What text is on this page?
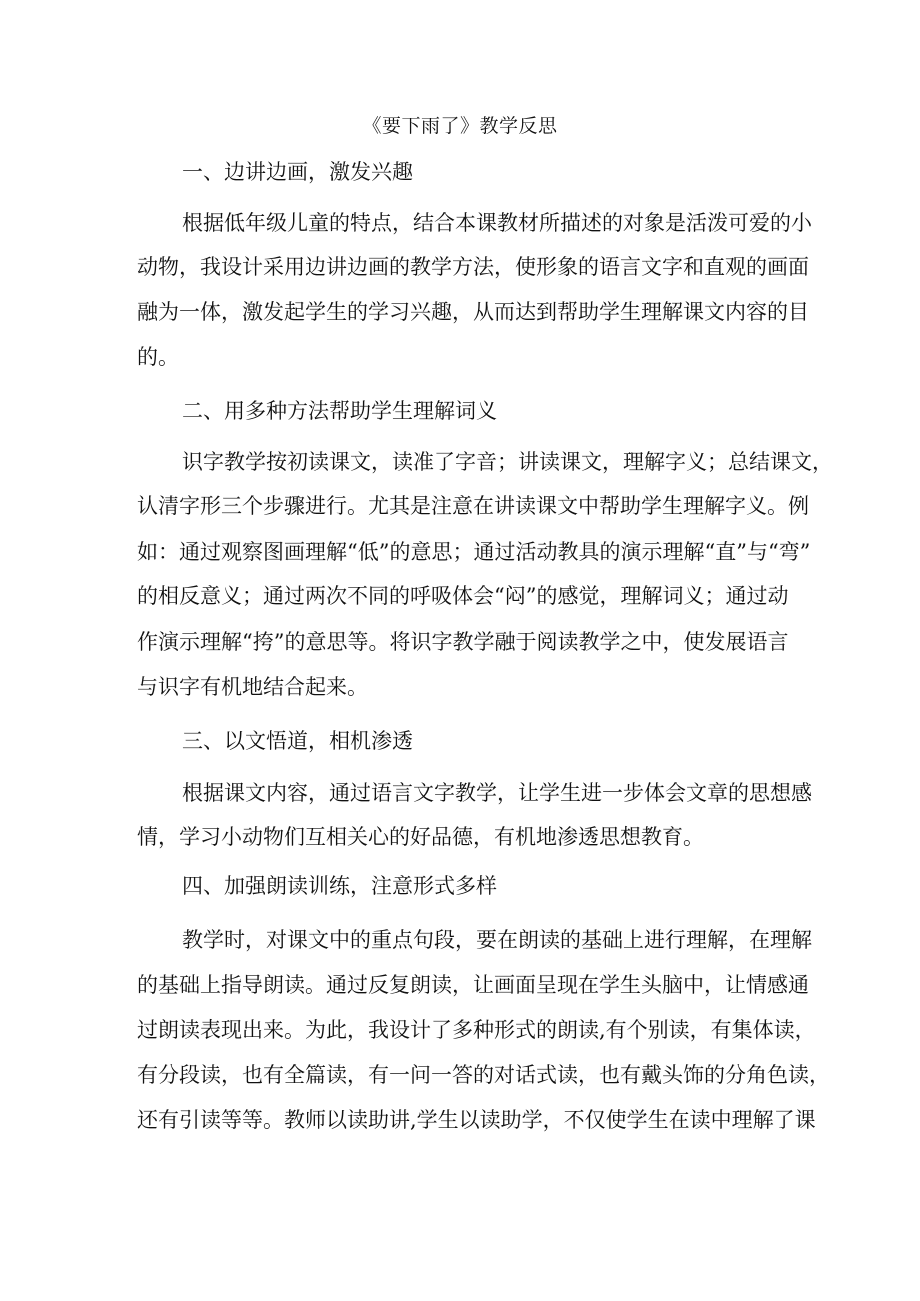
《要下雨了》教学反思
一、边讲边画，激发兴趣
根据低年级儿童的特点，结合本课教材所描述的对象是活泼可爱的小
动物，我设计采用边讲边画的教学方法，使形象的语言文字和直观的画面
融为一体，激发起学生的学习兴趣，从而达到帮助学生理解课文内容的目
的。
二、用多种方法帮助学生理解词义
识字教学按初读课文，读准了字音；讲读课文，理解字义；总结课文，
认清字形三个步骤进行。尤其是注意在讲读课文中帮助学生理解字义。例
如：通过观察图画理解“低”的意思；通过活动教具的演示理解“直”与“弯”
的相反意义；通过两次不同的呼吸体会“闷”的感觉，理解词义；通过动
作演示理解“挎”的意思等。将识字教学融于阅读教学之中，使发展语言
与识字有机地结合起来。
三、以文悟道，相机渗透
根据课文内容，通过语言文字教学，让学生进一步体会文章的思想感
情，学习小动物们互相关心的好品德，有机地渗透思想教育。
四、加强朗读训练，注意形式多样
教学时，对课文中的重点句段，要在朗读的基础上进行理解，在理解
的基础上指导朗读。通过反复朗读，让画面呈现在学生头脑中，让情感通
过朗读表现出来。为此，我设计了多种形式的朗读,有个别读，有集体读，
有分段读，也有全篇读，有一问一答的对话式读，也有戴头饰的分角色读，
还有引读等等。教师以读助讲,学生以读助学，不仅使学生在读中理解了课
